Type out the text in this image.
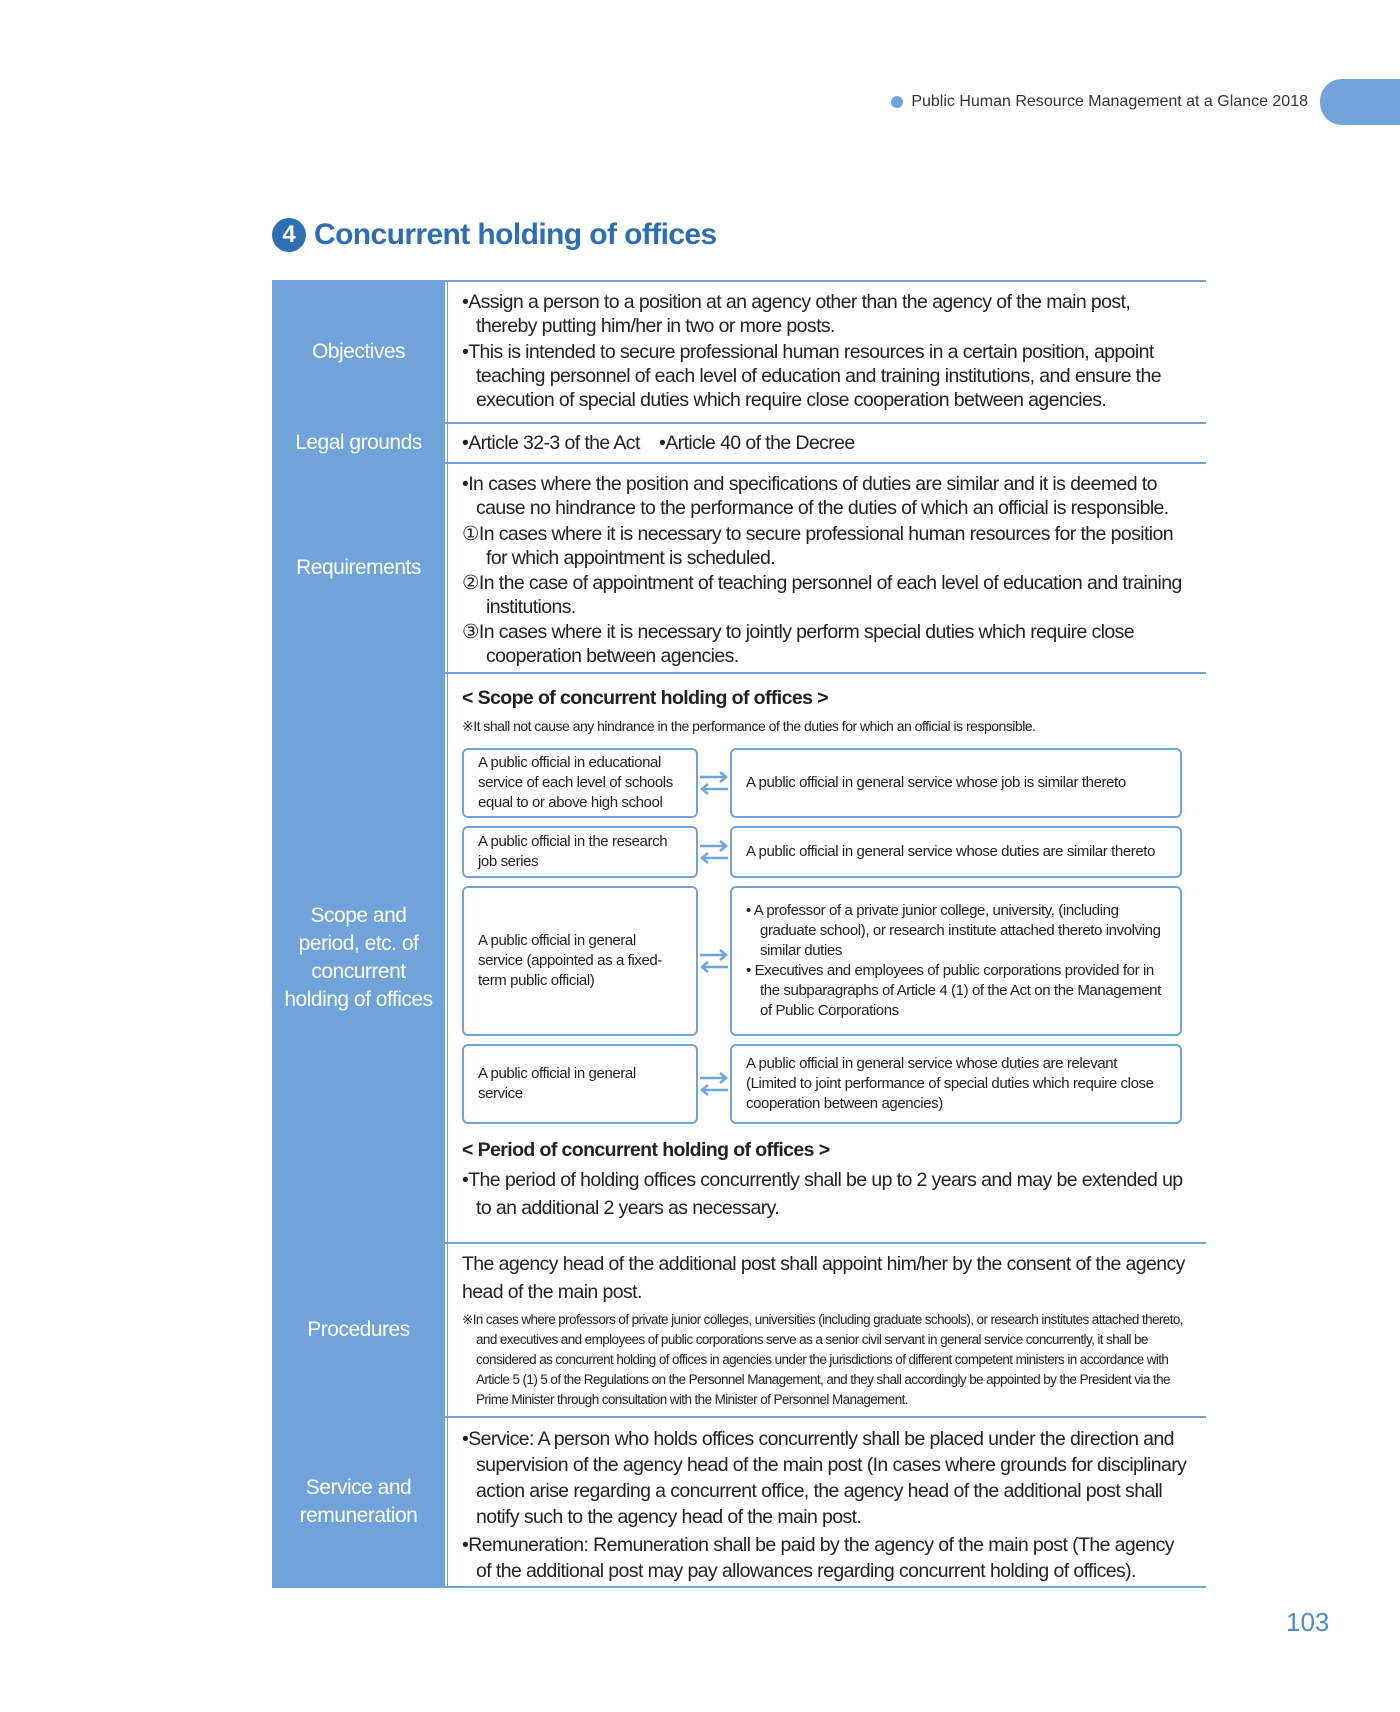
Public Human Resource Management at a Glance 2018
4 Concurrent holding of offices
Objectives
•Assign a person to a position at an agency other than the agency of the main post, thereby putting him/her in two or more posts.
•This is intended to secure professional human resources in a certain position, appoint teaching personnel of each level of education and training institutions, and ensure the execution of special duties which require close cooperation between agencies.
Legal grounds	•Article 32-3 of the Act    •Article 40 of the Decree
Requirements
•In cases where the position and specifications of duties are similar and it is deemed to cause no hindrance to the performance of the duties of which an official is responsible.
①In cases where it is necessary to secure professional human resources for the position for which appointment is scheduled.
②In the case of appointment of teaching personnel of each level of education and training institutions.
③In cases where it is necessary to jointly perform special duties which require close cooperation between agencies.
Scope and
period, etc. of
concurrent
holding of offices
< Scope of concurrent holding of offices >
※It shall not cause any hindrance in the performance of the duties for which an official is responsible.
A public official in educational service of each level of schools equal to or above high school
A public official in general service whose job is similar thereto
A public official in the research job series
A public official in general service whose duties are similar thereto
A public official in general service (appointed as a fixed-term public official)
• A professor of a private junior college, university, (including graduate school), or research institute attached thereto involving similar duties
• Executives and employees of public corporations provided for in the subparagraphs of Article 4 (1) of the Act on the Management of Public Corporations
A public official in general service
A public official in general service whose duties are relevant (Limited to joint performance of special duties which require close cooperation between agencies)
< Period of concurrent holding of offices >
•The period of holding offices concurrently shall be up to 2 years and may be extended up to an additional 2 years as necessary.
Procedures
The agency head of the additional post shall appoint him/her by the consent of the agency head of the main post.
※In cases where professors of private junior colleges, universities (including graduate schools), or research institutes attached thereto, and executives and employees of public corporations serve as a senior civil servant in general service concurrently, it shall be considered as concurrent holding of offices in agencies under the jurisdictions of different competent ministers in accordance with Article 5 (1) 5 of the Regulations on the Personnel Management, and they shall accordingly be appointed by the President via the Prime Minister through consultation with the Minister of Personnel Management.
Service and
remuneration
•Service: A person who holds offices concurrently shall be placed under the direction and supervision of the agency head of the main post (In cases where grounds for disciplinary action arise regarding a concurrent office, the agency head of the additional post shall notify such to the agency head of the main post.
•Remuneration: Remuneration shall be paid by the agency of the main post (The agency of the additional post may pay allowances regarding concurrent holding of offices).
103
